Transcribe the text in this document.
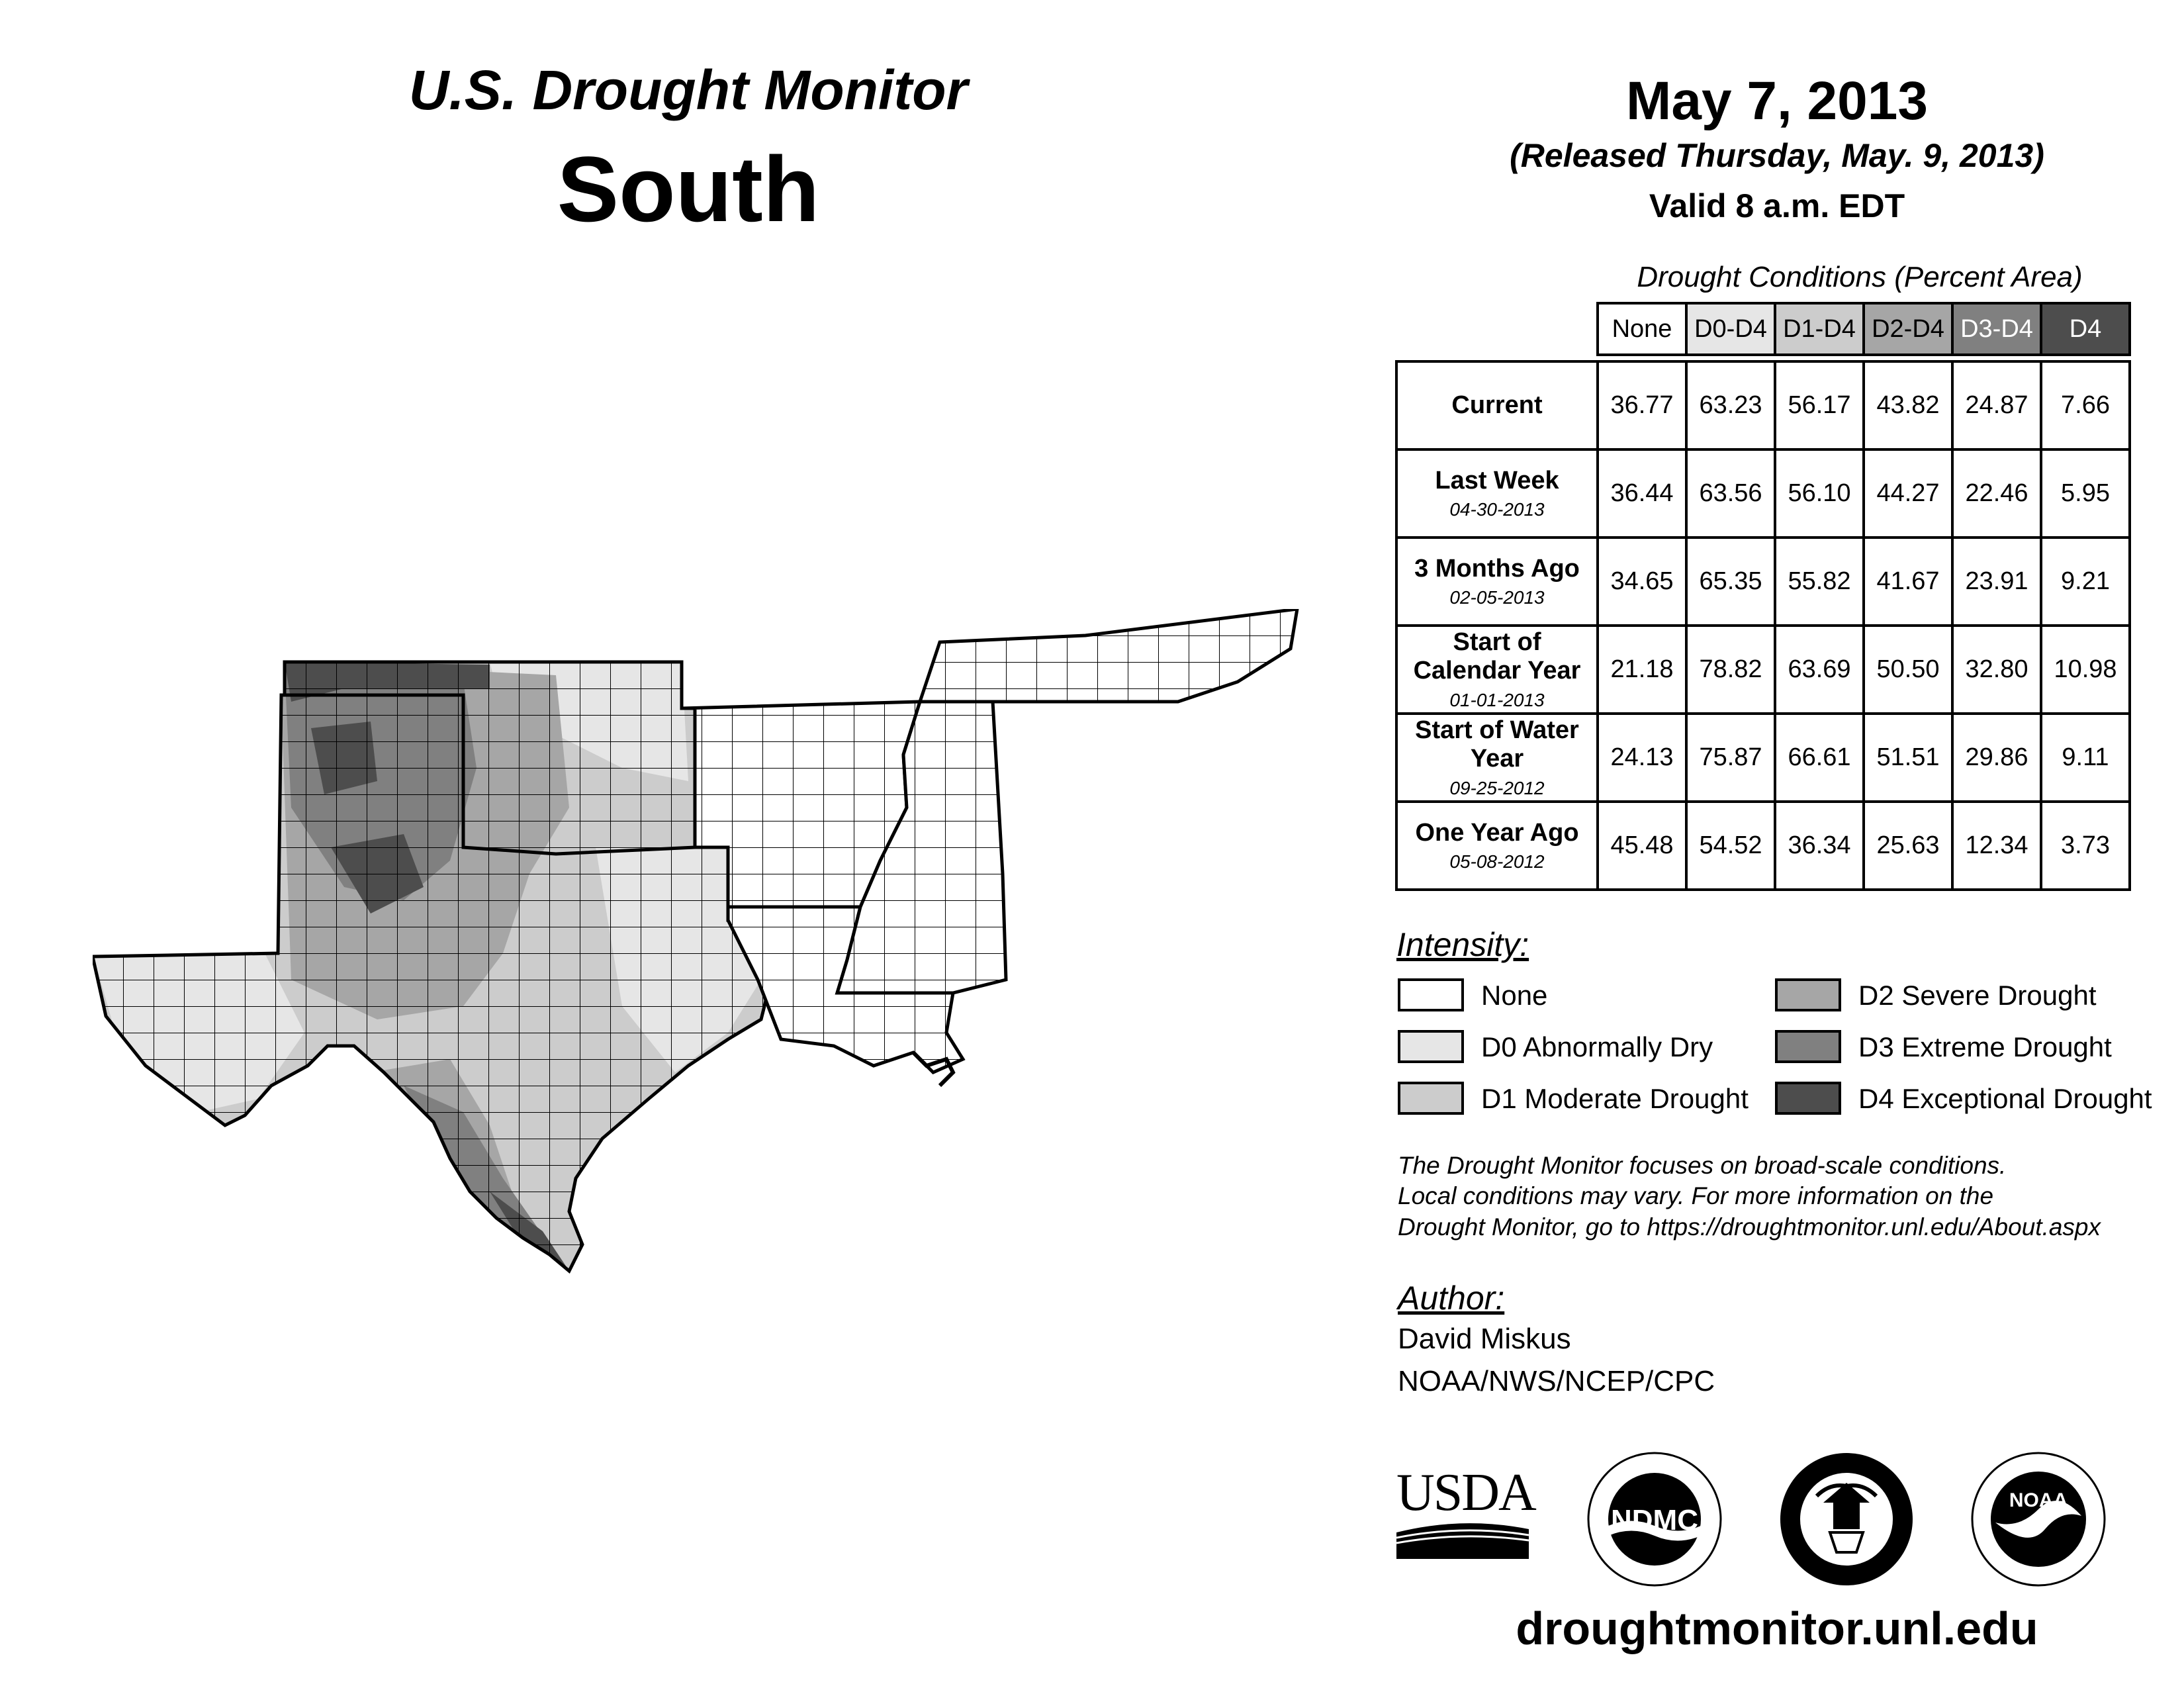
U.S. Drought Monitor
South
May 7, 2013
(Released Thursday, May. 9, 2013)
Valid 8 a.m. EDT
Drought Conditions (Percent Area)
	None	D0-D4	D1-D4	D2-D4	D3-D4	D4

Current	36.77	63.23	56.17	43.82	24.87	7.66

Last Week
04-30-2013	36.44	63.56	56.10	44.27	22.46	5.95

3 Months Ago
02-05-2013	34.65	65.35	55.82	41.67	23.91	9.21

Start of Calendar Year
01-01-2013	21.18	78.82	63.69	50.50	32.80	10.98

Start of Water Year
09-25-2012	24.13	75.87	66.61	51.51	29.86	9.11

One Year Ago
05-08-2012	45.48	54.52	36.34	25.63	12.34	3.73
Intensity:
None
D0 Abnormally Dry
D1 Moderate Drought
D2 Severe Drought
D3 Extreme Drought
D4 Exceptional Drought
The Drought Monitor focuses on broad-scale conditions.
Local conditions may vary. For more information on the
Drought Monitor, go to https://droughtmonitor.unl.edu/About.aspx
Author:
David Miskus
NOAA/NWS/NCEP/CPC
USDA	NDMC
NOAA
droughtmonitor.unl.edu
